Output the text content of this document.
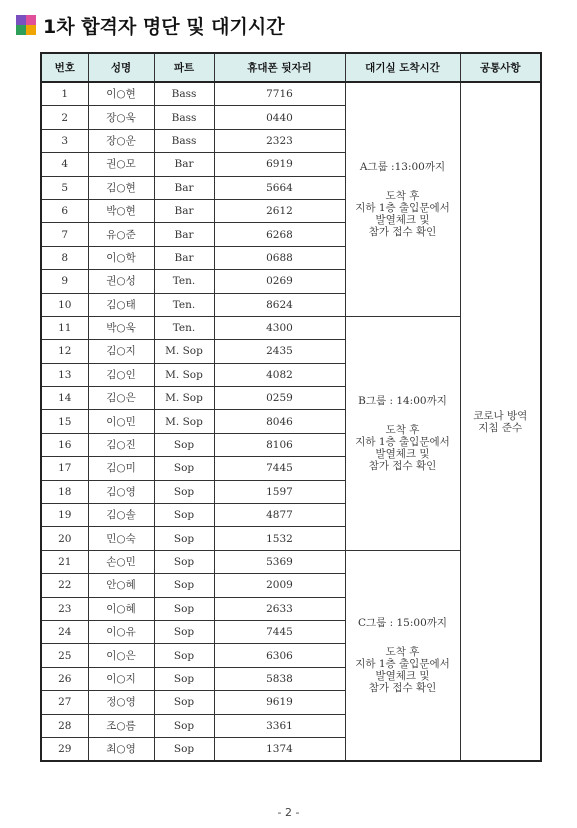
1차 합격자 명단 및 대기시간
번호	성명	파트	휴대폰 뒷자리	대기실 도착시간	공통사항
1	이○현	Bass	7716	A그룹 :13:00까지
도착 후
지하 1층 출입문에서
발열체크 및
참가 접수 확인	코로나 방역
지침 준수

2	장○욱	Bass	0440		
3	장○운	Bass	2323		
4	권○모	Bar	6919		
5	김○현	Bar	5664		
6	박○현	Bar	2612		
7	유○준	Bar	6268		
8	이○학	Bar	0688		
9	권○성	Ten.	0269		
10	김○태	Ten.	8624		
11	박○욱	Ten.	4300	B그룹 : 14:00까지
도착 후
지하 1층 출입문에서
발열체크 및
참가 접수 확인	

12	김○지	M. Sop	2435		
13	김○인	M. Sop	4082		
14	김○은	M. Sop	0259		
15	이○민	M. Sop	8046		
16	김○진	Sop	8106		
17	김○미	Sop	7445		
18	김○영	Sop	1597		
19	김○솔	Sop	4877		
20	민○숙	Sop	1532		
21	손○민	Sop	5369	C그룹 : 15:00까지
도착 후
지하 1층 출입문에서
발열체크 및
참가 접수 확인	

22	안○혜	Sop	2009		
23	이○혜	Sop	2633		
24	이○유	Sop	7445		
25	이○은	Sop	6306		
26	이○지	Sop	5838		
27	정○영	Sop	9619		
28	조○름	Sop	3361		
29	최○영	Sop	1374		
- 2 -
